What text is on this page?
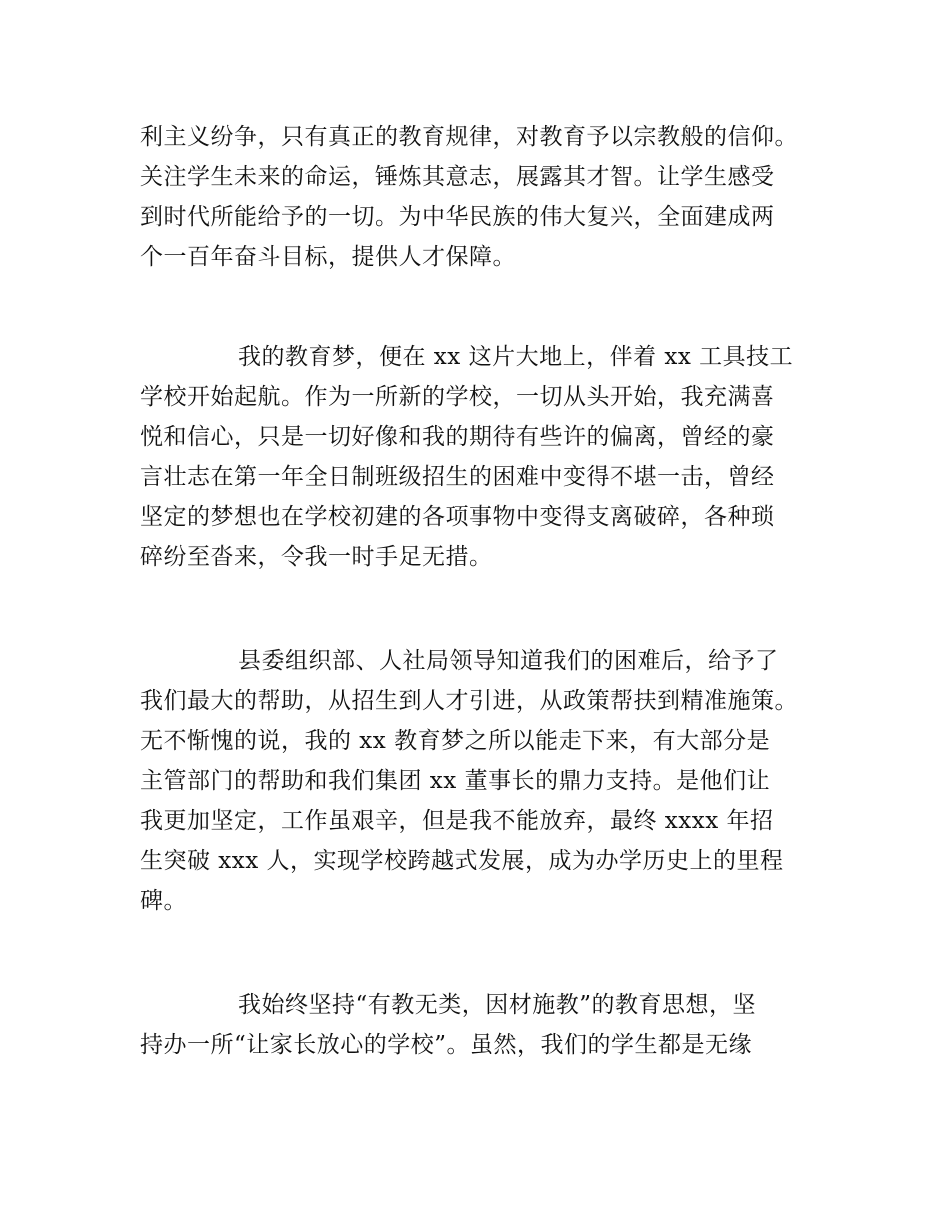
利主义纷争，只有真正的教育规律，对教育予以宗教般的信仰。
关注学生未来的命运，锤炼其意志，展露其才智。让学生感受
到时代所能给予的一切。为中华民族的伟大复兴，全面建成两
个一百年奋斗目标，提供人才保障。
我的教育梦，便在 xx 这片大地上，伴着 xx 工具技工
学校开始起航。作为一所新的学校，一切从头开始，我充满喜
悦和信心，只是一切好像和我的期待有些许的偏离，曾经的豪
言壮志在第一年全日制班级招生的困难中变得不堪一击，曾经
坚定的梦想也在学校初建的各项事物中变得支离破碎，各种琐
碎纷至沓来，令我一时手足无措。
县委组织部、人社局领导知道我们的困难后，给予了
我们最大的帮助，从招生到人才引进，从政策帮扶到精准施策。
无不惭愧的说，我的 xx 教育梦之所以能走下来，有大部分是
主管部门的帮助和我们集团 xx 董事长的鼎力支持。是他们让
我更加坚定，工作虽艰辛，但是我不能放弃，最终 xxxx 年招
生突破 xxx 人，实现学校跨越式发展，成为办学历史上的里程
碑。
我始终坚持“有教无类，因材施教”的教育思想，坚
持办一所“让家长放心的学校”。虽然，我们的学生都是无缘
